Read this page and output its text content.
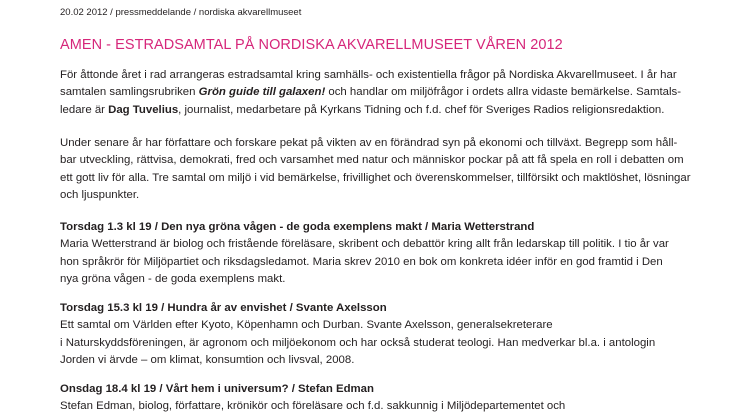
20.02 2012 / pressmeddelande / nordiska akvarellmuseet
AMEN - ESTRADSAMTAL PÅ NORDISKA AKVARELLMUSEET VÅREN 2012
För åttonde året i rad arrangeras estradsamtal kring samhälls- och existentiella frågor på Nordiska Akvarellmuseet. I år har
samtalen samlingsrubriken Grön guide till galaxen! och handlar om miljöfrågor i ordets allra vidaste bemärkelse. Samtals-
ledare är Dag Tuvelius, journalist, medarbetare på Kyrkans Tidning och f.d. chef för Sveriges Radios religionsredaktion.
Under senare år har författare och forskare pekat på vikten av en förändrad syn på ekonomi och tillväxt. Begrepp som håll-
bar utveckling, rättvisa, demokrati, fred och varsamhet med natur och människor pockar på att få spela en roll i debatten om
ett gott liv för alla. Tre samtal om miljö i vid bemärkelse, frivillighet och överenskommelser, tillförsikt och maktlöshet, lösningar
och ljuspunkter.
Torsdag 1.3 kl 19 / Den nya gröna vågen - de goda exemplens makt / Maria Wetterstrand
Maria Wetterstrand är biolog och fristående föreläsare, skribent och debattör kring allt från ledarskap till politik. I tio år var
hon språkrör för Miljöpartiet och riksdagsledamot. Maria skrev 2010 en bok om konkreta idéer inför en god framtid i Den
nya gröna vågen - de goda exemplens makt.
Torsdag 15.3 kl 19 / Hundra år av envishet / Svante Axelsson
Ett samtal om Världen efter Kyoto, Köpenhamn och Durban. Svante Axelsson, generalsekreterare
i Naturskyddsföreningen, är agronom och miljöekonom och har också studerat teologi. Han medverkar bl.a. i antologin
Jorden vi ärvde – om klimat, konsumtion och livsval, 2008.
Onsdag 18.4 kl 19 / Vårt hem i universum? / Stefan Edman
Stefan Edman, biolog, författare, krönikör och föreläsare och f.d. sakkunnig i Miljödepartementet och
